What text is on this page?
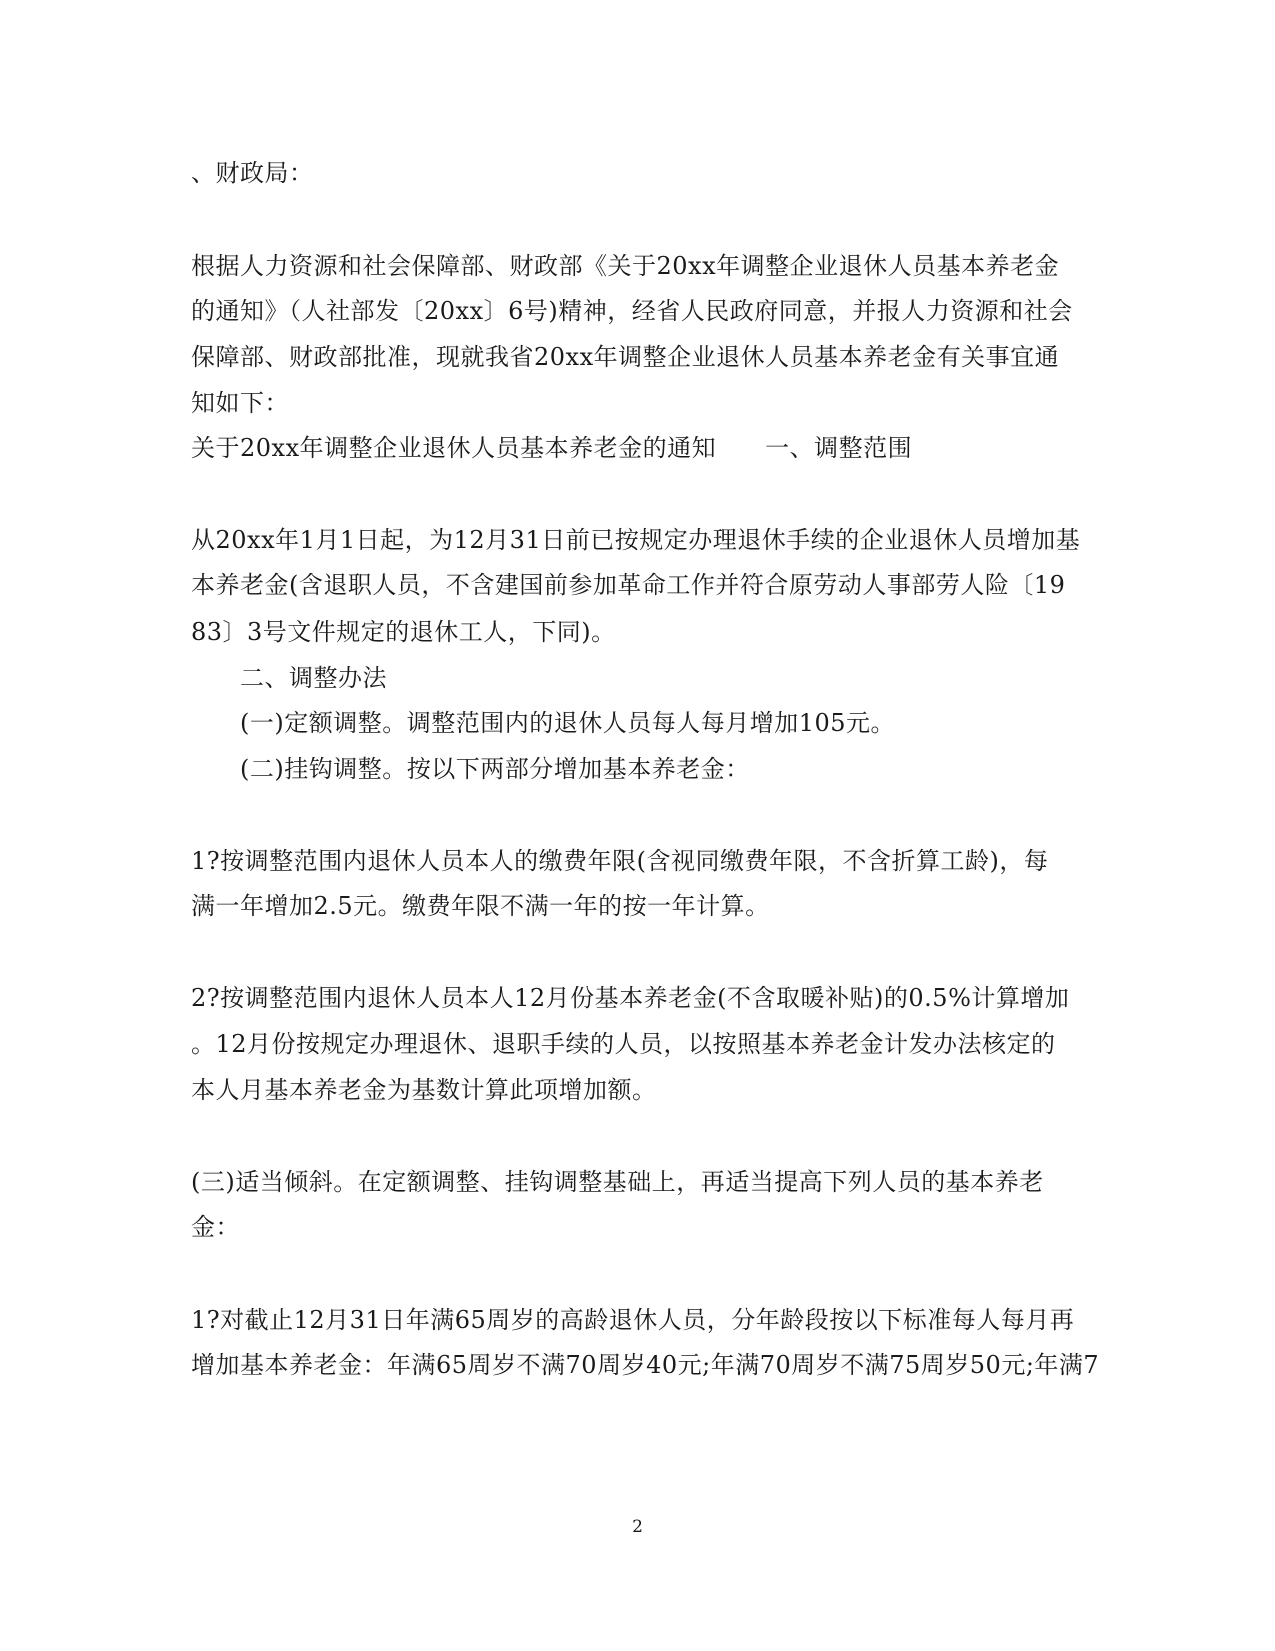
、财政局：
根据人力资源和社会保障部、财政部《关于20xx年调整企业退休人员基本养老金
的通知》（人社部发〔20xx〕6号)精神，经省人民政府同意，并报人力资源和社会
保障部、财政部批准，现就我省20xx年调整企业退休人员基本养老金有关事宜通
知如下：
关于20xx年调整企业退休人员基本养老金的通知　　一、调整范围
从20xx年1月1日起，为12月31日前已按规定办理退休手续的企业退休人员增加基
本养老金(含退职人员，不含建国前参加革命工作并符合原劳动人事部劳人险〔19
83〕3号文件规定的退休工人，下同)。
二、调整办法
(一)定额调整。调整范围内的退休人员每人每月增加105元。
(二)挂钩调整。按以下两部分增加基本养老金：
1?按调整范围内退休人员本人的缴费年限(含视同缴费年限，不含折算工龄)，每
满一年增加2.5元。缴费年限不满一年的按一年计算。
2?按调整范围内退休人员本人12月份基本养老金(不含取暖补贴)的0.5%计算增加
。12月份按规定办理退休、退职手续的人员，以按照基本养老金计发办法核定的
本人月基本养老金为基数计算此项增加额。
(三)适当倾斜。在定额调整、挂钩调整基础上，再适当提高下列人员的基本养老
金：
1?对截止12月31日年满65周岁的高龄退休人员，分年龄段按以下标准每人每月再
增加基本养老金：年满65周岁不满70周岁40元;年满70周岁不满75周岁50元;年满7
2
